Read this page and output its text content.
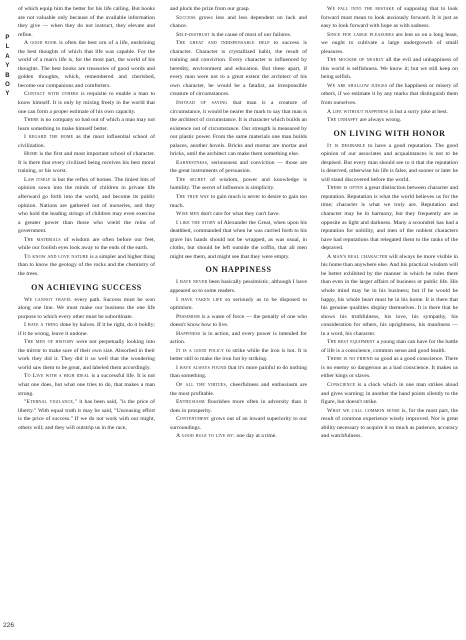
P
L
A
Y
B
O
Y
226

of which equip him the better for his life calling. But books are not valuable only because of the available information they give — when they do not instruct, they elevate and refine.

A good book is often the best urn of a life, enshrining the best thoughts of which that life was capable. For the world of a man's life is, for the most part, the world of his thoughts. The best books are treasuries of good words and golden thoughts, which, remembered and cherished, become our companions and comforters.

Contact with others is requisite to enable a man to know himself. It is only by mixing freely in the world that one can form a proper estimate of his own capacity.

There is no company so bad out of which a man may not learn something to make himself better.

I regard the home as the most influential school of civilization.

Home is the first and most important school of character. It is there that every civilized being receives his best moral training, or his worst.

Law itself is but the reflex of homes. The tiniest bits of opinion sown into the minds of children in private life afterward go forth into the world, and become its public opinion. Nations are gathered out of nurseries, and they who hold the leading strings of children may even exercise a greater power than those who wield the reins of government.

The materials of wisdom are often before our feet, while our foolish eyes look away to the ends of the earth.

To know and love nature is a simpler and higher thing than to know the geology of the rocks and the chemistry of the trees.

ON ACHIEVING SUCCESS

We cannot travel every path. Success must be won along one line. We must make our business the one life purpose to which every other must be subordinate.

I hate a thing done by halves. If it be right, do it boldly; if it be wrong, leave it undone.

The men of history were not perpetually looking into the mirror to make sure of their own size. Absorbed in their work they did it. They did it so well that the wondering world saw them to be great, and labeled them accordingly.

To Live with a high ideal is a successful life. It is not what one does, but what one tries to do, that makes a man strong.

"Eternal vigilance," it has been said, "is the price of liberty." With equal truth it may be said, "Unceasing effort is the price of success." If we do not work with our might, others will; and they will outstrip us in the race,

and pluck the prize from our grasp.

Success grows less and less dependent on luck and chance.

Self-distrust is the cause of most of our failures.

The great and indispensable help to success is character. Character is crystallized habit, the result of training and conviction. Every character is influenced by heredity, environment and education. But these apart, if every man were not to a great extent the architect of his own character, he would be a fatalist, an irresponsible creature of circumstances.

Instead of saying that man is a creature of circumstance, it would be nearer the mark to say that man is the architect of circumstance. It is character which builds an existence out of circumstance. Our strength is measured by our plastic power. From the same materials one man builds palaces, another hovels. Bricks and mortar are mortar and bricks, until the architect can make them something else.

Earnestness, seriousness and conviction — those are the great instruments of persuasion.

The secret of wisdom, power and knowledge is humility. The secret of influence is simplicity.

The true way to gain much is never to desire to gain too much.

Wise men don't care for what they can't have.

I like the story of Alexander the Great, when upon his deathbed, commanded that when he was carried forth to his grave his hands should not be wrapped, as was usual, in cloths, but should be left outside the coffin, that all men might see them, and might see that they were empty.

ON HAPPINESS

I have never been basically pessimistic, although I have appeared so to some readers.

I have taken life so seriously as to be disposed to optimism.

Pessimism is a waste of force — the penalty of one who doesn't know how to live.

Happiness is in action, and every power is intended for action.

It is a good policy to strike while the iron is hot. It is better still to make the iron hot by striking.

I have always found that it's more painful to do nothing than something.

Of all the virtues, cheerfulness and enthusiasm are the most profitable.

Enthusiasm flourishes more often in adversity than it does in prosperity.

Contentment grows out of an inward superiority to our surroundings.

A good rule to live by: one day at a time.

We fall into the mistake of supposing that to look forward must mean to look anxiously forward. It is just as easy to look forward with hope as with sadness.

Since few large pleasures are lent us on a long lease, we ought to cultivate a large undergrowth of small pleasures.

The mocker of nearly all the evil and unhappiness of this world is selfishness. We know it; but we still keep on being selfish.

We are shallow judges of the happiness or misery of others, if we estimate it by any marks that distinguish them from ourselves.

A life without happiness is but a sorry joke at best.

The unhappy are always wrong.

ON LIVING WITH HONOR

It is desirable to have a good reputation. The good opinion of our associates and acquaintances is not to be despised. But every man should see to it that the reputation is deserved, otherwise his life is false, and sooner or later he will stand discovered before the world.

There is often a great distinction between character and reputation. Reputation is what the world believes us for the time; character is what we truly are. Reputation and character may be in harmony, but they frequently are as opposite as light and darkness. Many a scoundrel has had a reputation for nobility, and men of the noblest characters have had reputations that relegated them to the ranks of the depraved.

A man's real character will always be more visible in his home than anywhere else. And his practical wisdom will be better exhibited by the manner in which he rules there than even in the larger affairs of business or public life. His whole mind may be in his business; but if he would be happy, his whole heart must be in his home. It is there that his genuine qualities display themselves. It is there that he shows his truthfulness, his love, his sympathy, his consideration for others, his uprightness, his manliness — in a word, his character.

The best equipment a young man can have for the battle of life is a conscience, common sense and good health.

There is no friend so good as a good conscience. There is no enemy so dangerous as a bad conscience. It makes us either kings or slaves.

Conscience is a clock which in one man strikes aloud and gives warning; in another the hand points silently to the figure, but doesn't strike.

What we call common sense is, for the most part, the result of common experience wisely improved. Nor is great ability necessary to acquire it so much as patience, accuracy and watchfulness.
